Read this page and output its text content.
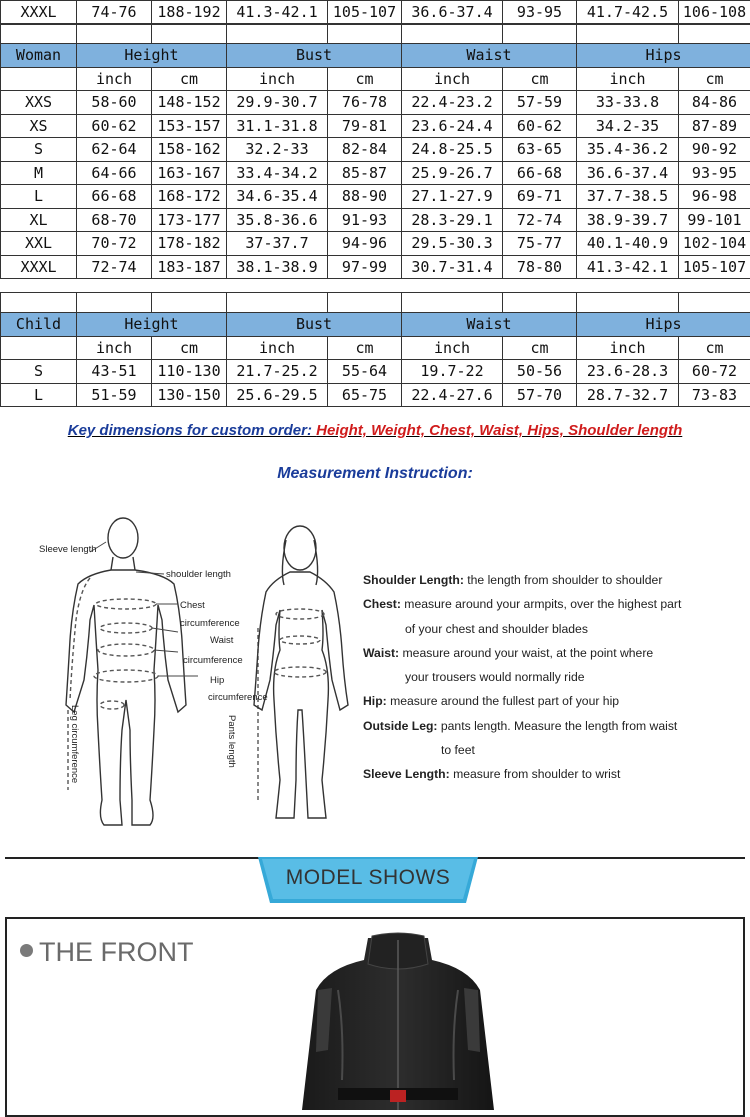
XXXL	74-76	188-192	41.3-42.1	105-107	36.6-37.4	93-95	41.7-42.5	106-108

Woman	Height		Bust		Waist		Hips	
	inch	cm	inch	cm	inch	cm	inch	cm
XXS	58-60	148-152	29.9-30.7	76-78	22.4-23.2	57-59	33-33.8	84-86
XS	60-62	153-157	31.1-31.8	79-81	23.6-24.4	60-62	34.2-35	87-89
S	62-64	158-162	32.2-33	82-84	24.8-25.5	63-65	35.4-36.2	90-92
M	64-66	163-167	33.4-34.2	85-87	25.9-26.7	66-68	36.6-37.4	93-95
L	66-68	168-172	34.6-35.4	88-90	27.1-27.9	69-71	37.7-38.5	96-98
XL	68-70	173-177	35.8-36.6	91-93	28.3-29.1	72-74	38.9-39.7	99-101
XXL	70-72	178-182	37-37.7	94-96	29.5-30.3	75-77	40.1-40.9	102-104
XXXL	72-74	183-187	38.1-38.9	97-99	30.7-31.4	78-80	41.3-42.1	105-107

Child	Height		Bust		Waist		Hips	
	inch	cm	inch	cm	inch	cm	inch	cm
S	43-51	110-130	21.7-25.2	55-64	19.7-22	50-56	23.6-28.3	60-72
L	51-59	130-150	25.6-29.5	65-75	22.4-27.6	57-70	28.7-32.7	73-83
Key dimensions for custom order: Height, Weight, Chest, Waist, Hips, Shoulder length
Measurement Instruction:
Sleeve length
shoulder length
Chest
circumference
Waist
circumference
Hip
circumference
Leg circumference	Pants length
Shoulder Length: the length from shoulder to shoulder
Chest: measure around your armpits, over the highest part
of your chest and shoulder blades
Waist: measure around your waist, at the point where
your trousers would normally ride
Hip: measure around the fullest part of your hip
Outside Leg: pants length. Measure the length from waist
to feet
Sleeve Length: measure from shoulder to wrist
MODEL SHOWS
THE FRONT
